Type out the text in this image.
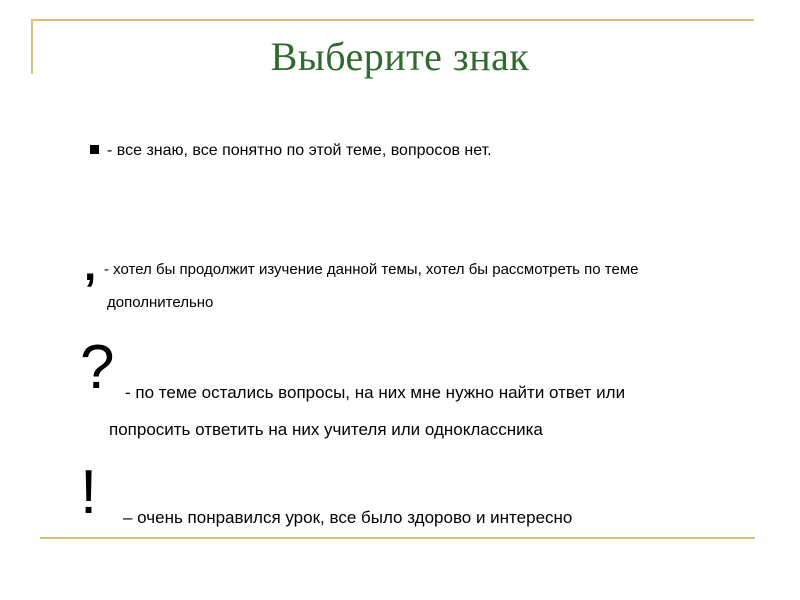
Выберите знак
- все знаю, все понятно по этой теме, вопросов нет.
, - хотел бы продолжит изучение данной темы, хотел бы рассмотреть по теме
дополнительно
? - по теме остались вопросы, на них мне нужно найти ответ или
попросить ответить на них учителя или одноклассника
! – очень понравился урок, все было здорово и интересно
